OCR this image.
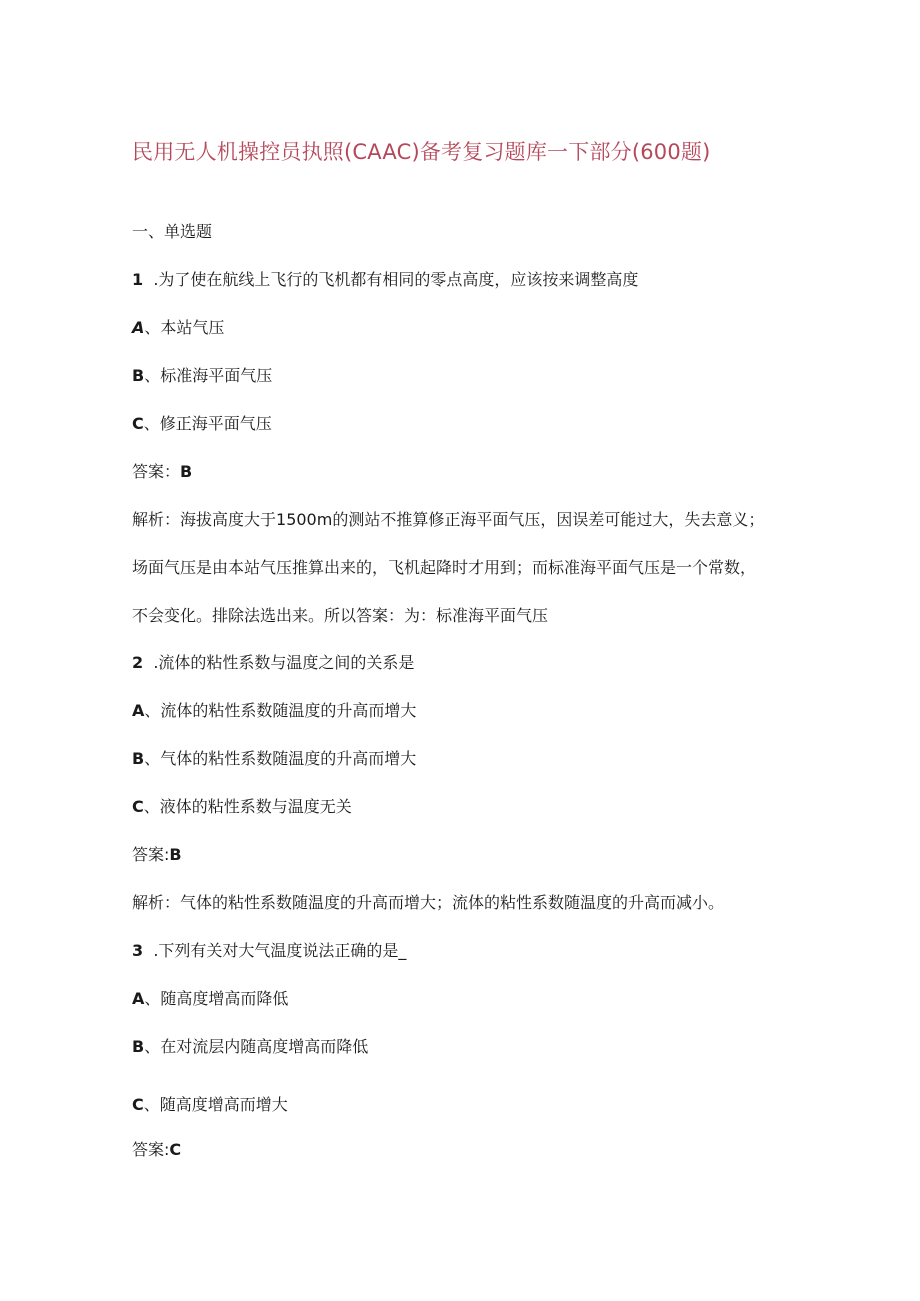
民用无人机操控员执照(CAAC)备考复习题库一下部分(600题)
一、单选题
1 .为了使在航线上飞行的飞机都有相同的零点高度，应该按来调整高度
A、本站气压
B、标准海平面气压
C、修正海平面气压
答案：B
解析：海拔高度大于1500m的测站不推算修正海平面气压，因误差可能过大，失去意义；
场面气压是由本站气压推算出来的，飞机起降时才用到；而标准海平面气压是一个常数，
不会变化。排除法选出来。所以答案：为：标准海平面气压
2 .流体的粘性系数与温度之间的关系是
A、流体的粘性系数随温度的升高而增大
B、气体的粘性系数随温度的升高而增大
C、液体的粘性系数与温度无关
答案:B
解析：气体的粘性系数随温度的升高而增大；流体的粘性系数随温度的升高而减小。
3 .下列有关对大气温度说法正确的是_
A、随高度增高而降低
B、在对流层内随高度增高而降低
C、随高度增高而增大
答案:C
